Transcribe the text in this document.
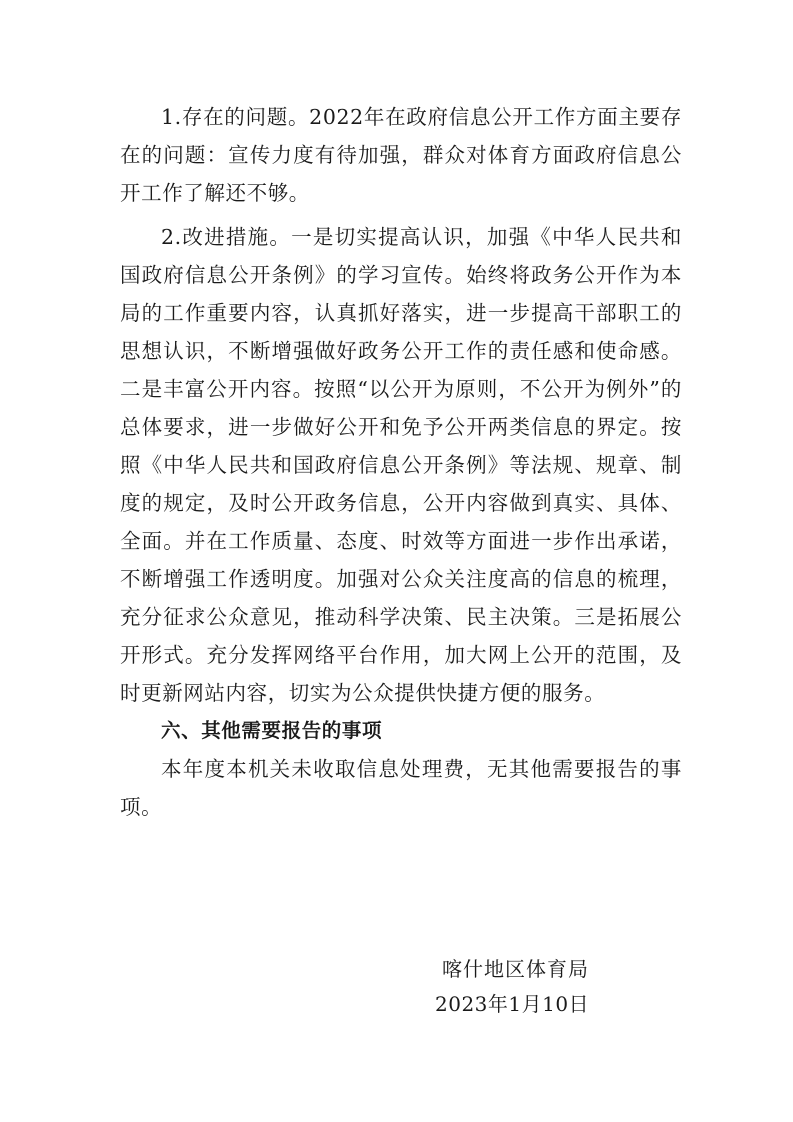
1.存在的问题。2022年在政府信息公开工作方面主要存在的问题：宣传力度有待加强，群众对体育方面政府信息公开工作了解还不够。

2.改进措施。一是切实提高认识，加强《中华人民共和国政府信息公开条例》的学习宣传。始终将政务公开作为本局的工作重要内容，认真抓好落实，进一步提高干部职工的思想认识，不断增强做好政务公开工作的责任感和使命感。二是丰富公开内容。按照“以公开为原则，不公开为例外”的总体要求，进一步做好公开和免予公开两类信息的界定。按照《中华人民共和国政府信息公开条例》等法规、规章、制度的规定，及时公开政务信息，公开内容做到真实、具体、全面。并在工作质量、态度、时效等方面进一步作出承诺，不断增强工作透明度。加强对公众关注度高的信息的梳理，充分征求公众意见，推动科学决策、民主决策。三是拓展公开形式。充分发挥网络平台作用，加大网上公开的范围，及时更新网站内容，切实为公众提供快捷方便的服务。

六、其他需要报告的事项

本年度本机关未收取信息处理费，无其他需要报告的事项。

喀什地区体育局
2023年1月10日
